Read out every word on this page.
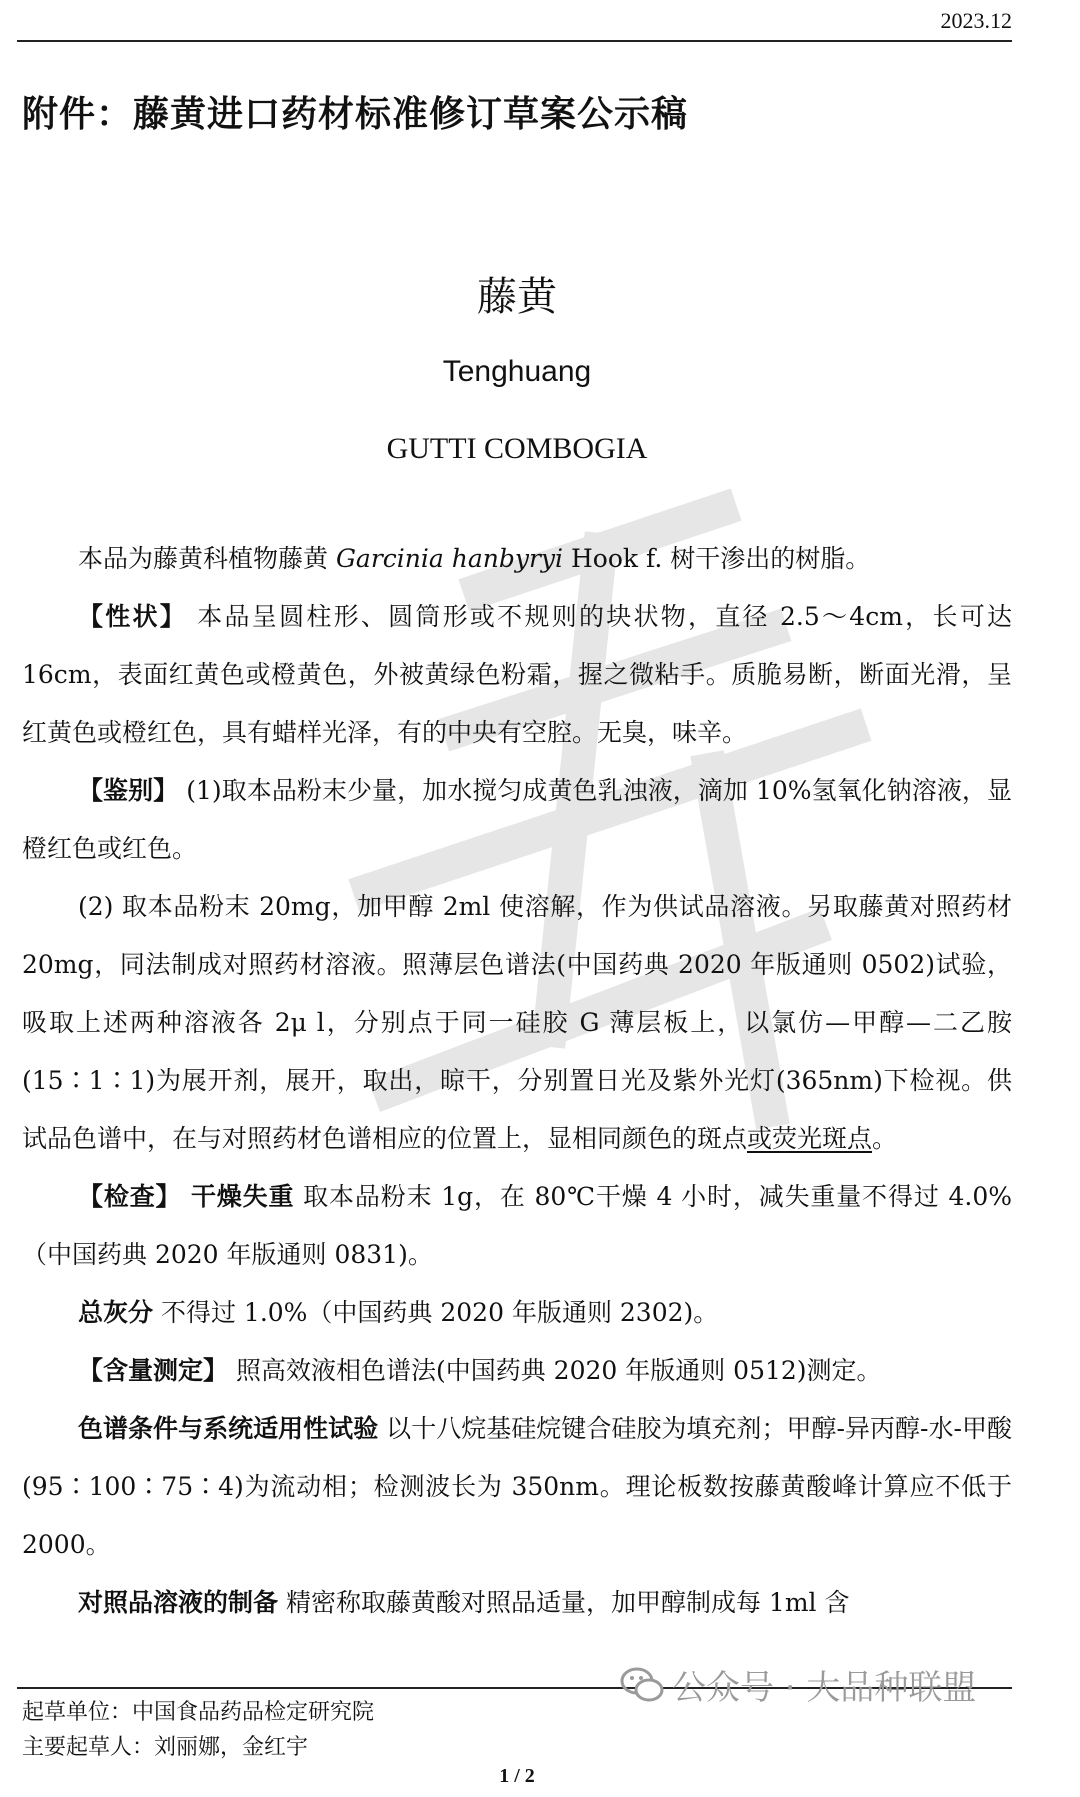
2023.12
附件：藤黄进口药材标准修订草案公示稿
藤黄
Tenghuang
GUTTI COMBOGIA

本品为藤黄科植物藤黄 Garcinia hanbyryi Hook f. 树干渗出的树脂。

【性状】 本品呈圆柱形、圆筒形或不规则的块状物，直径 2.5～4cm，长可达 16cm，表面红黄色或橙黄色，外被黄绿色粉霜，握之微粘手。质脆易断，断面光滑，呈红黄色或橙红色，具有蜡样光泽，有的中央有空腔。无臭，味辛。

【鉴别】 (1)取本品粉末少量，加水搅匀成黄色乳浊液，滴加 10%氢氧化钠溶液，显橙红色或红色。

(2) 取本品粉末 20mg，加甲醇 2ml 使溶解，作为供试品溶液。另取藤黄对照药材 20mg，同法制成对照药材溶液。照薄层色谱法(中国药典 2020 年版通则 0502)试验，吸取上述两种溶液各 2μ l，分别点于同一硅胶 G 薄层板上，以氯仿—甲醇—二乙胺(15∶1∶1)为展开剂，展开，取出，晾干，分别置日光及紫外光灯(365nm)下检视。供试品色谱中，在与对照药材色谱相应的位置上，显相同颜色的斑点或荧光斑点。

【检查】 干燥失重 取本品粉末 1g，在 80℃干燥 4 小时，减失重量不得过 4.0%（中国药典 2020 年版通则 0831)。

总灰分 不得过 1.0%（中国药典 2020 年版通则 2302)。

【含量测定】 照高效液相色谱法(中国药典 2020 年版通则 0512)测定。

色谱条件与系统适用性试验 以十八烷基硅烷键合硅胶为填充剂；甲醇-异丙醇-水-甲酸(95∶100∶75∶4)为流动相；检测波长为 350nm。理论板数按藤黄酸峰计算应不低于 2000。

对照品溶液的制备 精密称取藤黄酸对照品适量，加甲醇制成每 1ml 含

起草单位：中国食品药品检定研究院
主要起草人：刘丽娜，金红宇
公众号 · 大品种联盟
1 / 2
